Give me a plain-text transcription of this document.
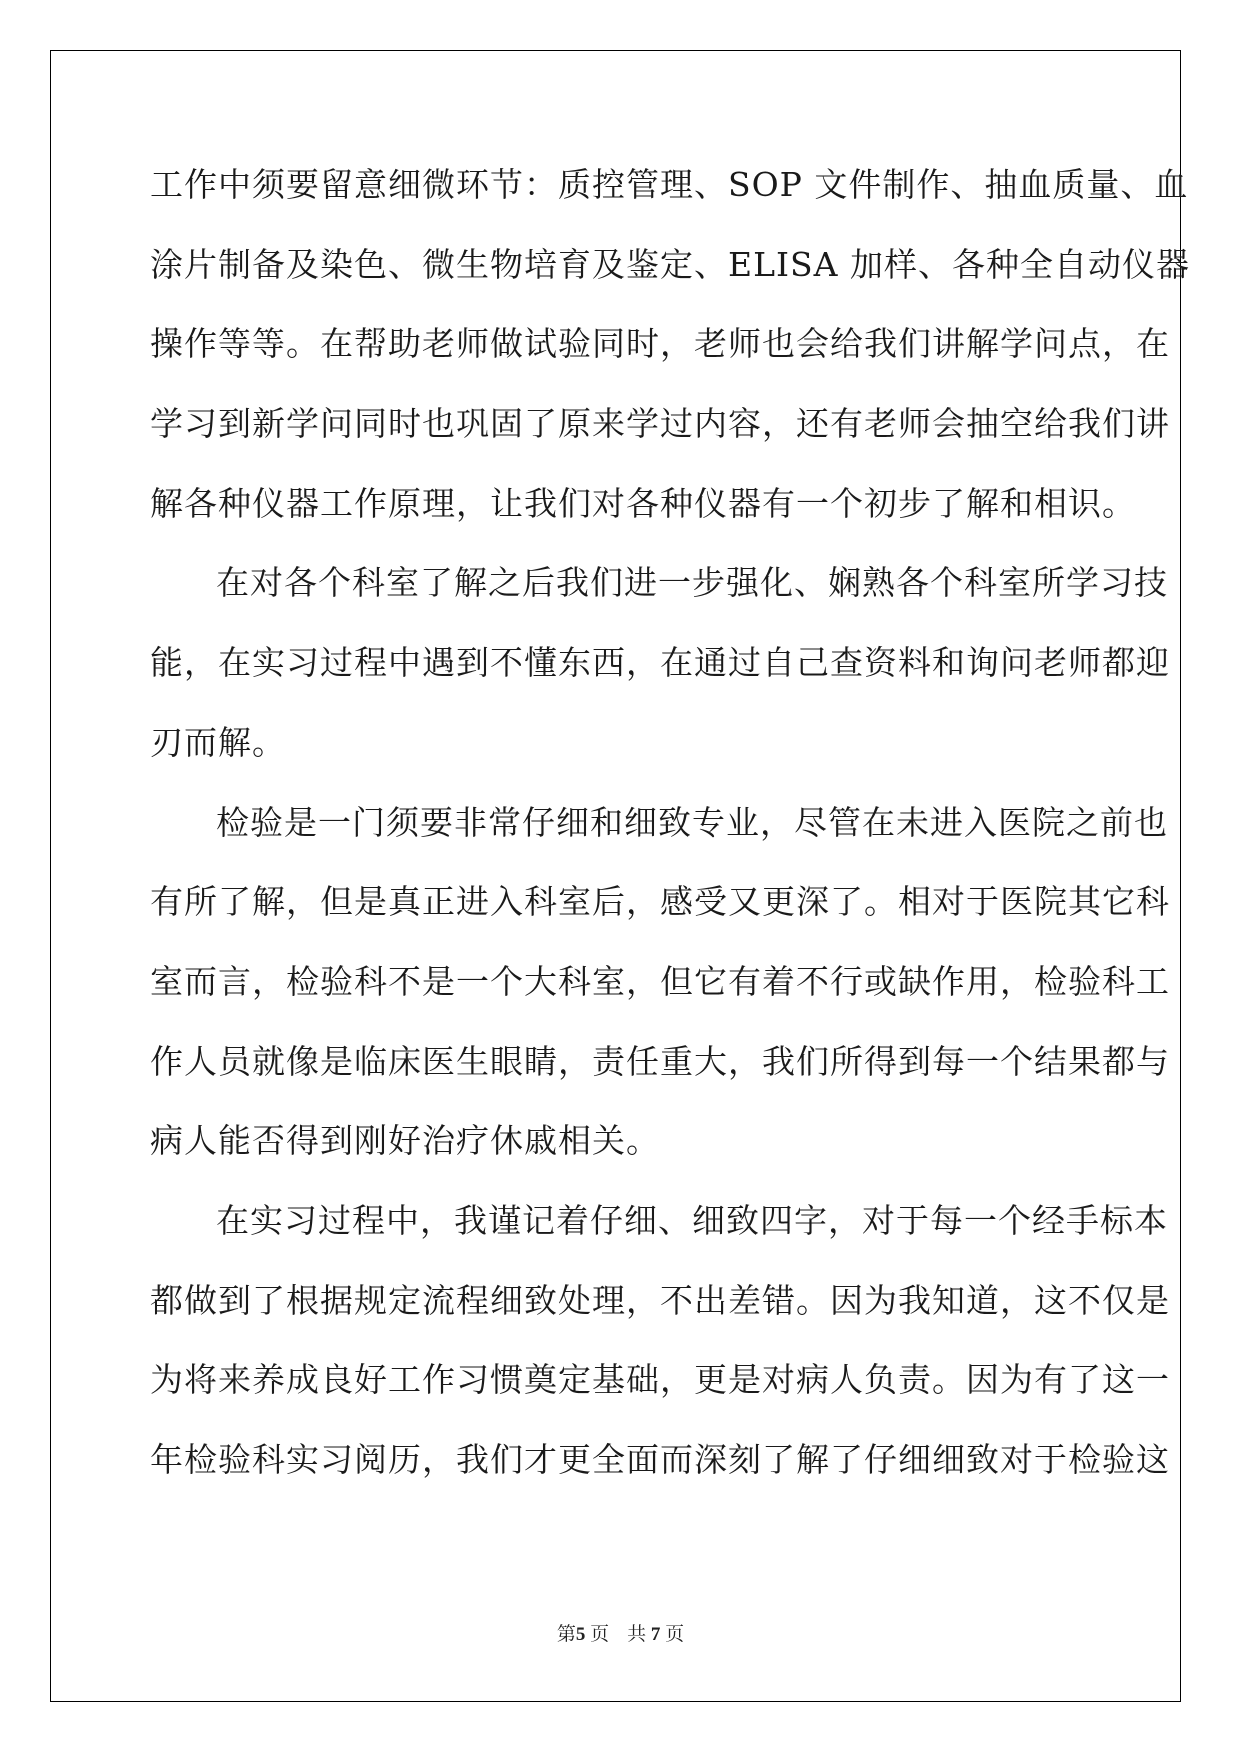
工作中须要留意细微环节：质控管理、SOP 文件制作、抽血质量、血
涂片制备及染色、微生物培育及鉴定、ELISA 加样、各种全自动仪器
操作等等。在帮助老师做试验同时，老师也会给我们讲解学问点，在
学习到新学问同时也巩固了原来学过内容，还有老师会抽空给我们讲
解各种仪器工作原理，让我们对各种仪器有一个初步了解和相识。
在对各个科室了解之后我们进一步强化、娴熟各个科室所学习技
能，在实习过程中遇到不懂东西，在通过自己查资料和询问老师都迎
刃而解。
检验是一门须要非常仔细和细致专业，尽管在未进入医院之前也
有所了解，但是真正进入科室后，感受又更深了。相对于医院其它科
室而言，检验科不是一个大科室，但它有着不行或缺作用，检验科工
作人员就像是临床医生眼睛，责任重大，我们所得到每一个结果都与
病人能否得到刚好治疗休戚相关。
在实习过程中，我谨记着仔细、细致四字，对于每一个经手标本
都做到了根据规定流程细致处理，不出差错。因为我知道，这不仅是
为将来养成良好工作习惯奠定基础，更是对病人负责。因为有了这一
年检验科实习阅历，我们才更全面而深刻了解了仔细细致对于检验这
第5 页 共 7 页
